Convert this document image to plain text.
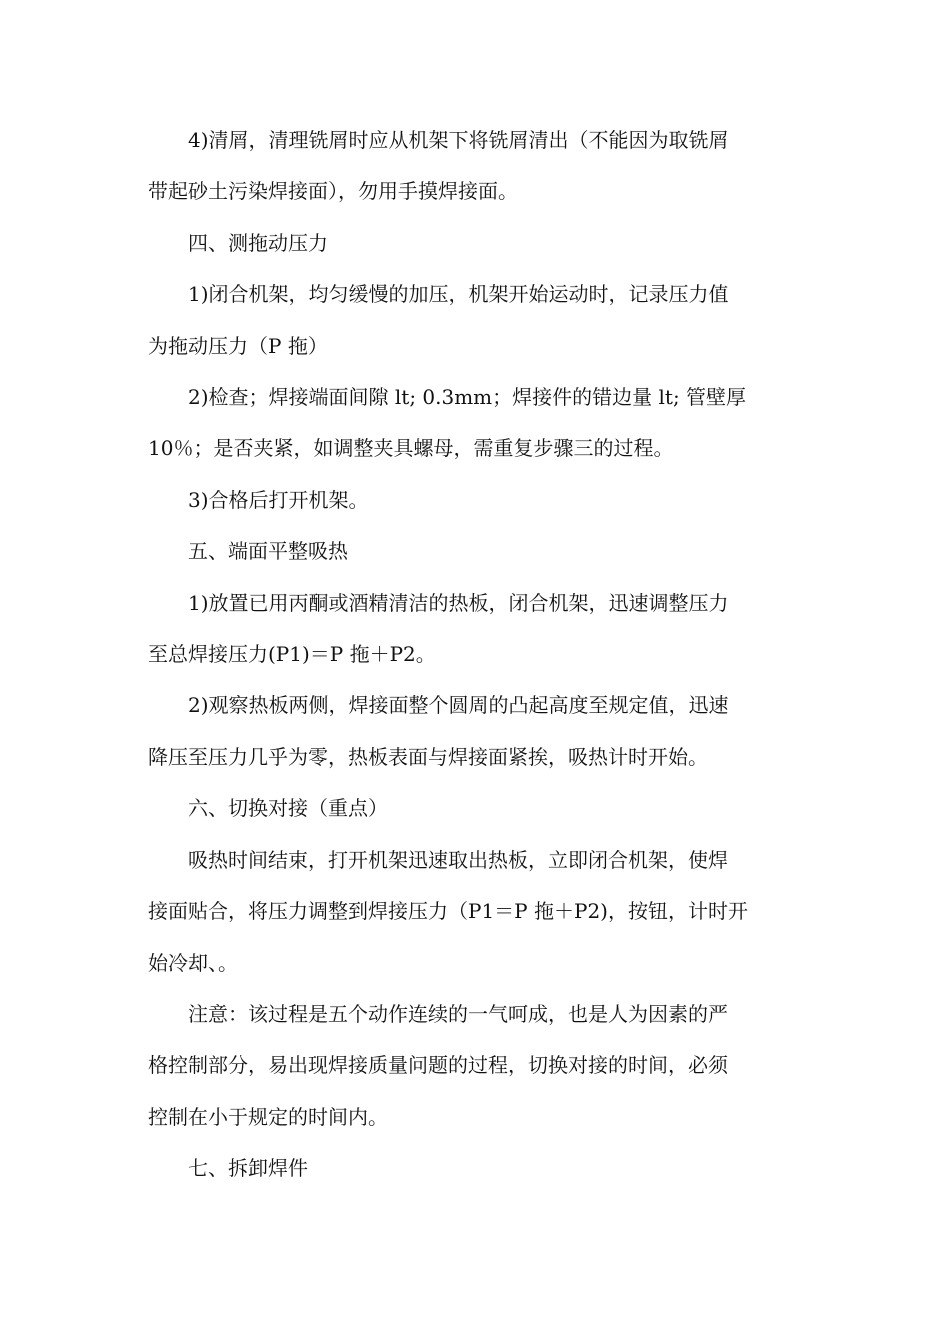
4)清屑，清理铣屑时应从机架下将铣屑清出（不能因为取铣屑
带起砂土污染焊接面），勿用手摸焊接面。

四、测拖动压力

1)闭合机架，均匀缓慢的加压，机架开始运动时，记录压力值
为拖动压力（P 拖）

2)检查；焊接端面间隙 lt; 0.3mm；焊接件的错边量 lt; 管壁厚
10％；是否夹紧，如调整夹具螺母，需重复步骤三的过程。

3)合格后打开机架。

五、端面平整吸热

1)放置已用丙酮或酒精清洁的热板，闭合机架，迅速调整压力
至总焊接压力(P1)＝P 拖＋P2。

2)观察热板两侧，焊接面整个圆周的凸起高度至规定值，迅速
降压至压力几乎为零，热板表面与焊接面紧挨，吸热计时开始。

六、切换对接（重点）

吸热时间结束，打开机架迅速取出热板，立即闭合机架，使焊
接面贴合，将压力调整到焊接压力（P1＝P 拖＋P2)，按钮，计时开
始冷却、。

注意：该过程是五个动作连续的一气呵成，也是人为因素的严
格控制部分，易出现焊接质量问题的过程，切换对接的时间，必须
控制在小于规定的时间内。

七、拆卸焊件
